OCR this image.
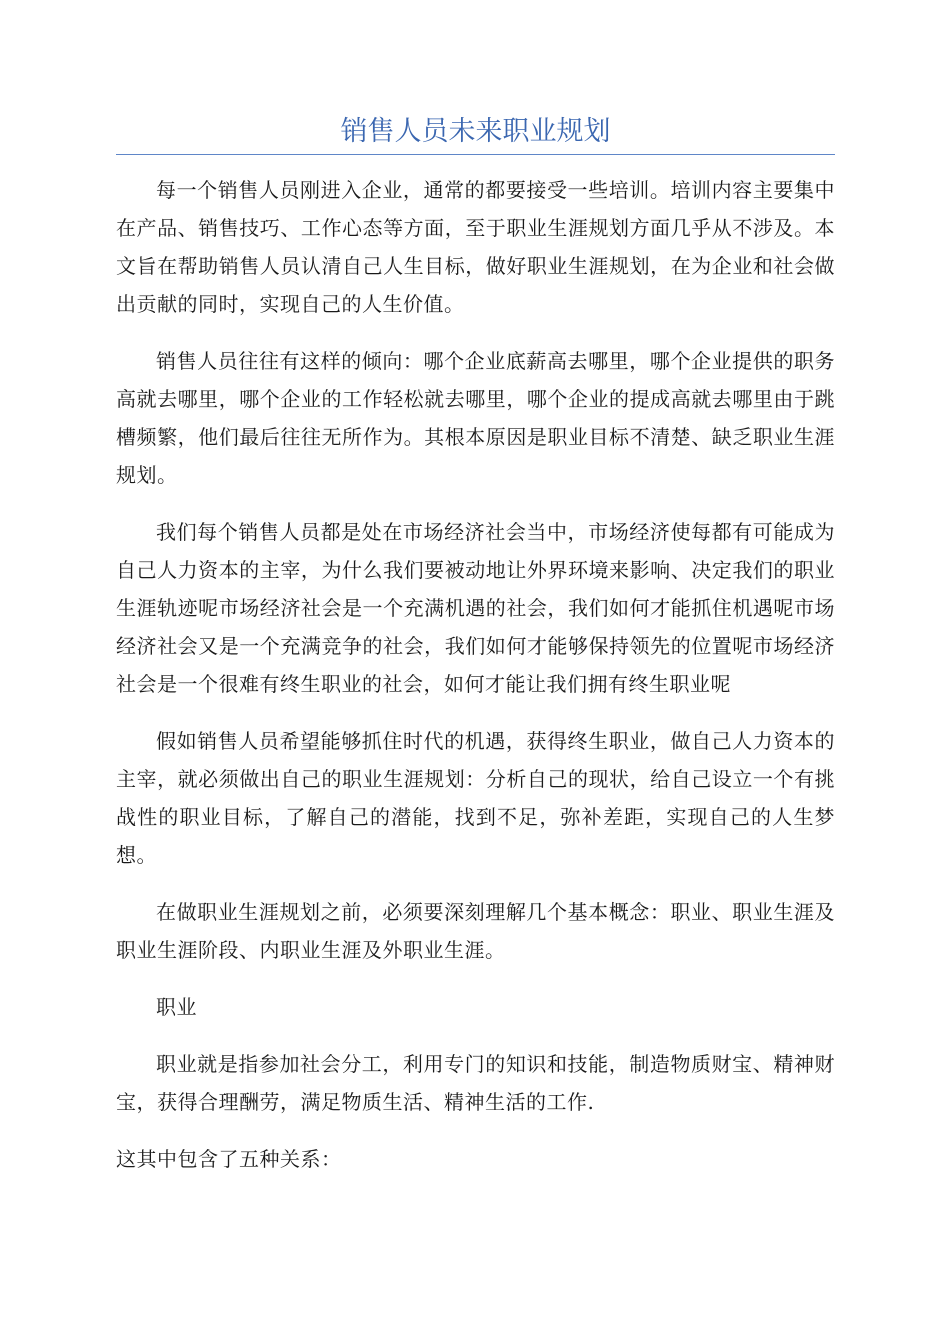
销售人员未来职业规划

每一个销售人员刚进入企业，通常的都要接受一些培训。培训内容主要集中在产品、销售技巧、工作心态等方面，至于职业生涯规划方面几乎从不涉及。本文旨在帮助销售人员认清自己人生目标，做好职业生涯规划，在为企业和社会做出贡献的同时，实现自己的人生价值。

销售人员往往有这样的倾向：哪个企业底薪高去哪里，哪个企业提供的职务高就去哪里，哪个企业的工作轻松就去哪里，哪个企业的提成高就去哪里由于跳槽频繁，他们最后往往无所作为。其根本原因是职业目标不清楚、缺乏职业生涯规划。

我们每个销售人员都是处在市场经济社会当中，市场经济使每都有可能成为自己人力资本的主宰，为什么我们要被动地让外界环境来影响、决定我们的职业生涯轨迹呢市场经济社会是一个充满机遇的社会，我们如何才能抓住机遇呢市场经济社会又是一个充满竞争的社会，我们如何才能够保持领先的位置呢市场经济社会是一个很难有终生职业的社会，如何才能让我们拥有终生职业呢

假如销售人员希望能够抓住时代的机遇，获得终生职业，做自己人力资本的主宰，就必须做出自己的职业生涯规划：分析自己的现状，给自己设立一个有挑战性的职业目标，了解自己的潜能，找到不足，弥补差距，实现自己的人生梦想。

在做职业生涯规划之前，必须要深刻理解几个基本概念：职业、职业生涯及职业生涯阶段、内职业生涯及外职业生涯。

职业

职业就是指参加社会分工，利用专门的知识和技能，制造物质财宝、精神财宝，获得合理酬劳，满足物质生活、精神生活的工作.

这其中包含了五种关系：
